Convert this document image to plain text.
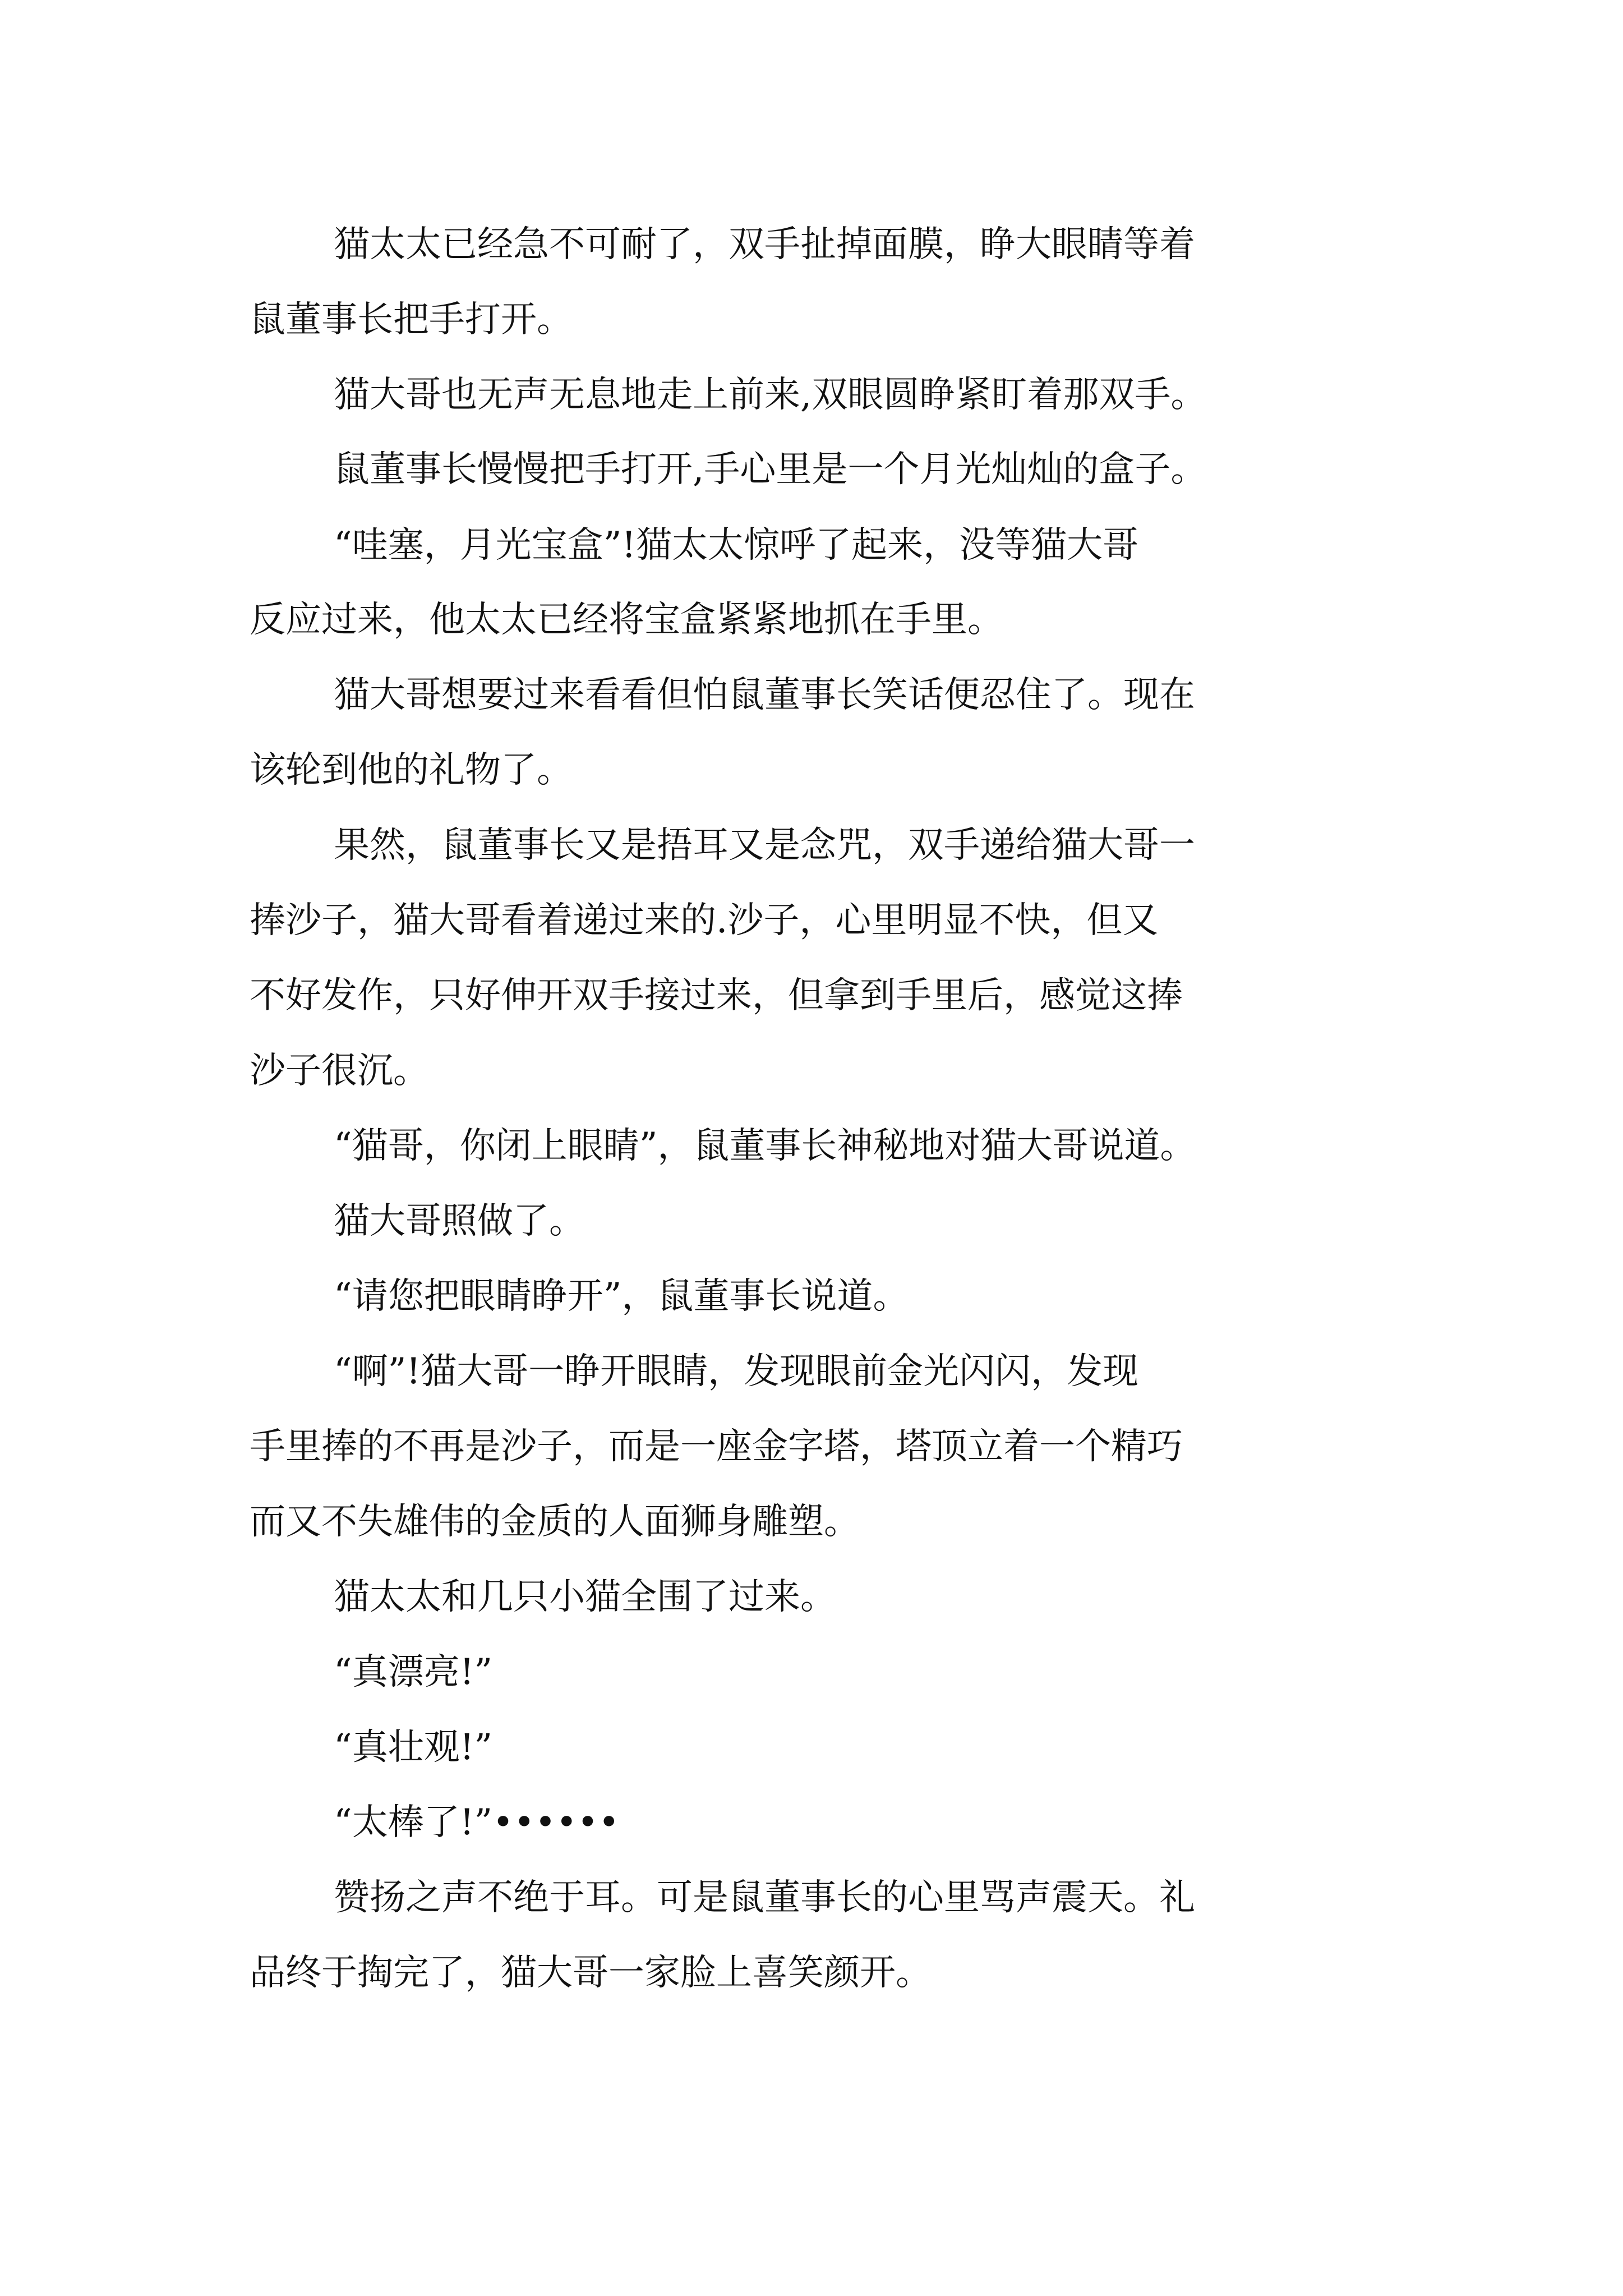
猫太太已经急不可耐了，双手扯掉面膜，睁大眼睛等着

鼠董事长把手打开。

猫大哥也无声无息地走上前来,双眼圆睁紧盯着那双手。

鼠董事长慢慢把手打开,手心里是一个月光灿灿的盒子。

“哇塞，月光宝盒”!猫太太惊呼了起来，没等猫大哥

反应过来，他太太已经将宝盒紧紧地抓在手里。

猫大哥想要过来看看但怕鼠董事长笑话便忍住了。现在

该轮到他的礼物了。

果然，鼠董事长又是捂耳又是念咒，双手递给猫大哥一

捧沙子，猫大哥看着递过来的.沙子，心里明显不快，但又

不好发作，只好伸开双手接过来，但拿到手里后，感觉这捧

沙子很沉。

“猫哥，你闭上眼睛”，鼠董事长神秘地对猫大哥说道。

猫大哥照做了。

“请您把眼睛睁开”，鼠董事长说道。

“啊”!猫大哥一睁开眼睛，发现眼前金光闪闪，发现

手里捧的不再是沙子，而是一座金字塔，塔顶立着一个精巧

而又不失雄伟的金质的人面狮身雕塑。

猫太太和几只小猫全围了过来。

“真漂亮!”

“真壮观!”

“太棒了!”••••••

赞扬之声不绝于耳。可是鼠董事长的心里骂声震天。礼

品终于掏完了，猫大哥一家脸上喜笑颜开。
